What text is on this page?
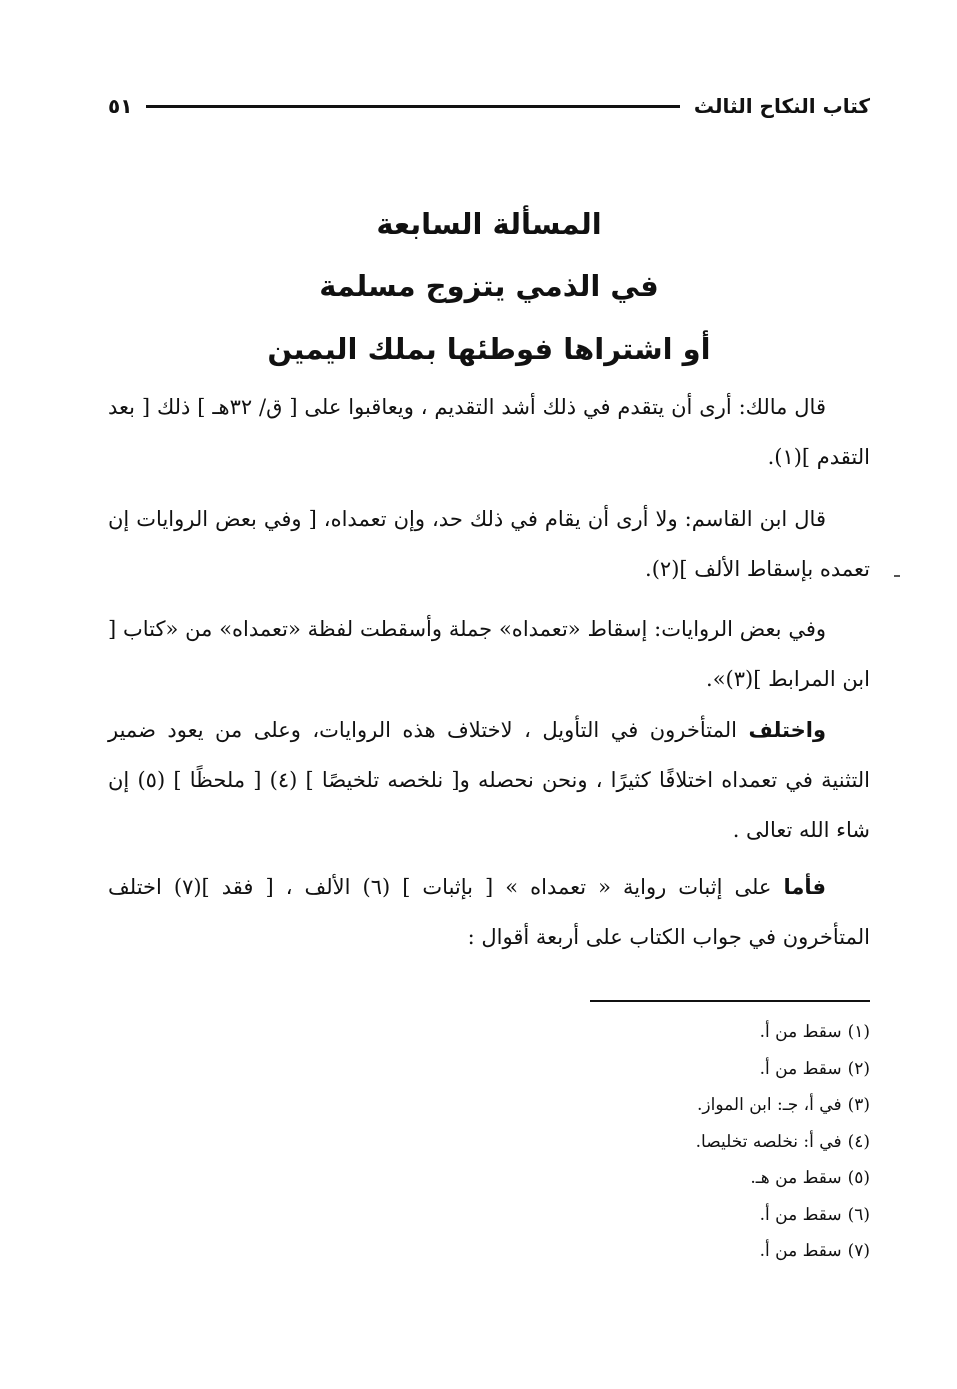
كتاب النكاح الثالث
٥١
المسألة السابعة
في الذمي يتزوج مسلمة
أو اشتراها فوطئها بملك اليمين

قال مالك: أرى أن يتقدم في ذلك أشد التقديم ، ويعاقبوا على [ ق/ ٣٢هـ ] ذلك [ بعد التقدم ](١).

قال ابن القاسم: ولا أرى أن يقام في ذلك حد، وإن تعمداه، [ وفي بعض الروايات إن تعمده بإسقاط الألف ](٢).

وفي بعض الروايات: إسقاط «تعمداه» جملة وأسقطت لفظة «تعمداه» من «كتاب [ ابن المرابط ](٣)».

واختلف المتأخرون في التأويل ، لاختلاف هذه الروايات، وعلى من يعود ضمير التثنية في تعمداه اختلافًا كثيرًا ، ونحن نحصله و[ نلخصه تلخيصًا ] (٤) [ ملحظًا ] (٥) إن شاء الله تعالى .

فأما على إثبات رواية « تعمداه » [ بإثبات ] (٦) الألف ، [ فقد ](٧) اختلف المتأخرون في جواب الكتاب على أربعة أقوال :

(١)سقط من أ.
(٢)سقط من أ.
(٣)في أ، جـ: ابن المواز.
(٤)في أ: نخلصه تخليصا.
(٥)سقط من هـ.
(٦)سقط من أ.
(٧)سقط من أ.
